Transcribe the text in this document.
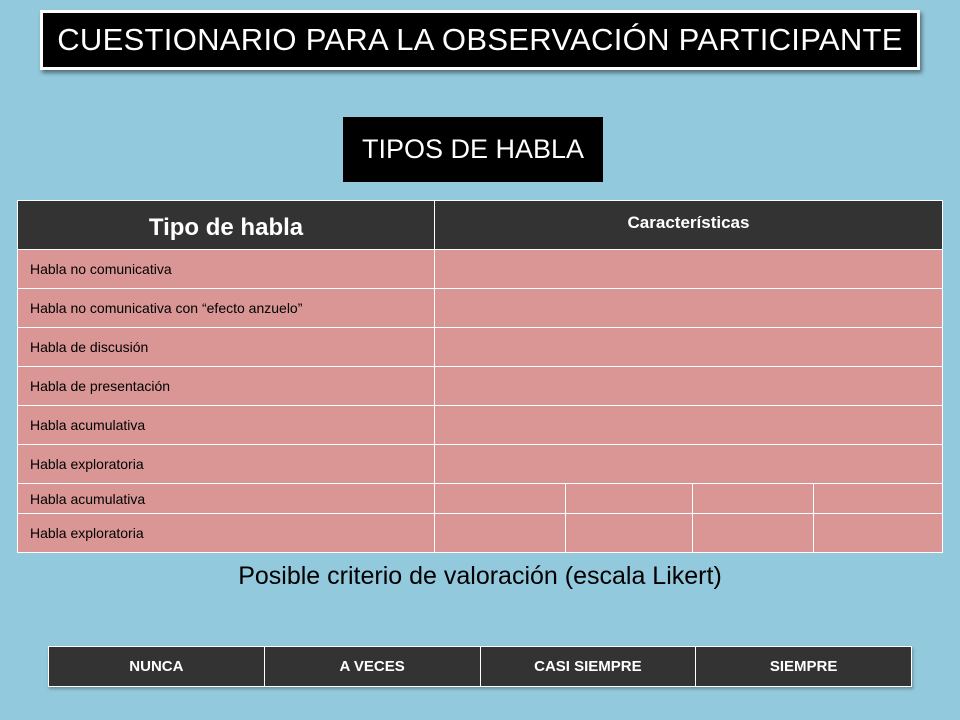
CUESTIONARIO PARA LA OBSERVACIÓN PARTICIPANTE
TIPOS DE HABLA
Tipo de habla	Características
Habla no comunicativa	
Habla no comunicativa con “efecto anzuelo”	
Habla de discusión	
Habla de presentación	
Habla acumulativa	
Habla exploratoria	
Habla acumulativa	

Habla exploratoria	
Posible criterio de valoración (escala Likert)
NUNCA	A VECES	CASI SIEMPRE	SIEMPRE
